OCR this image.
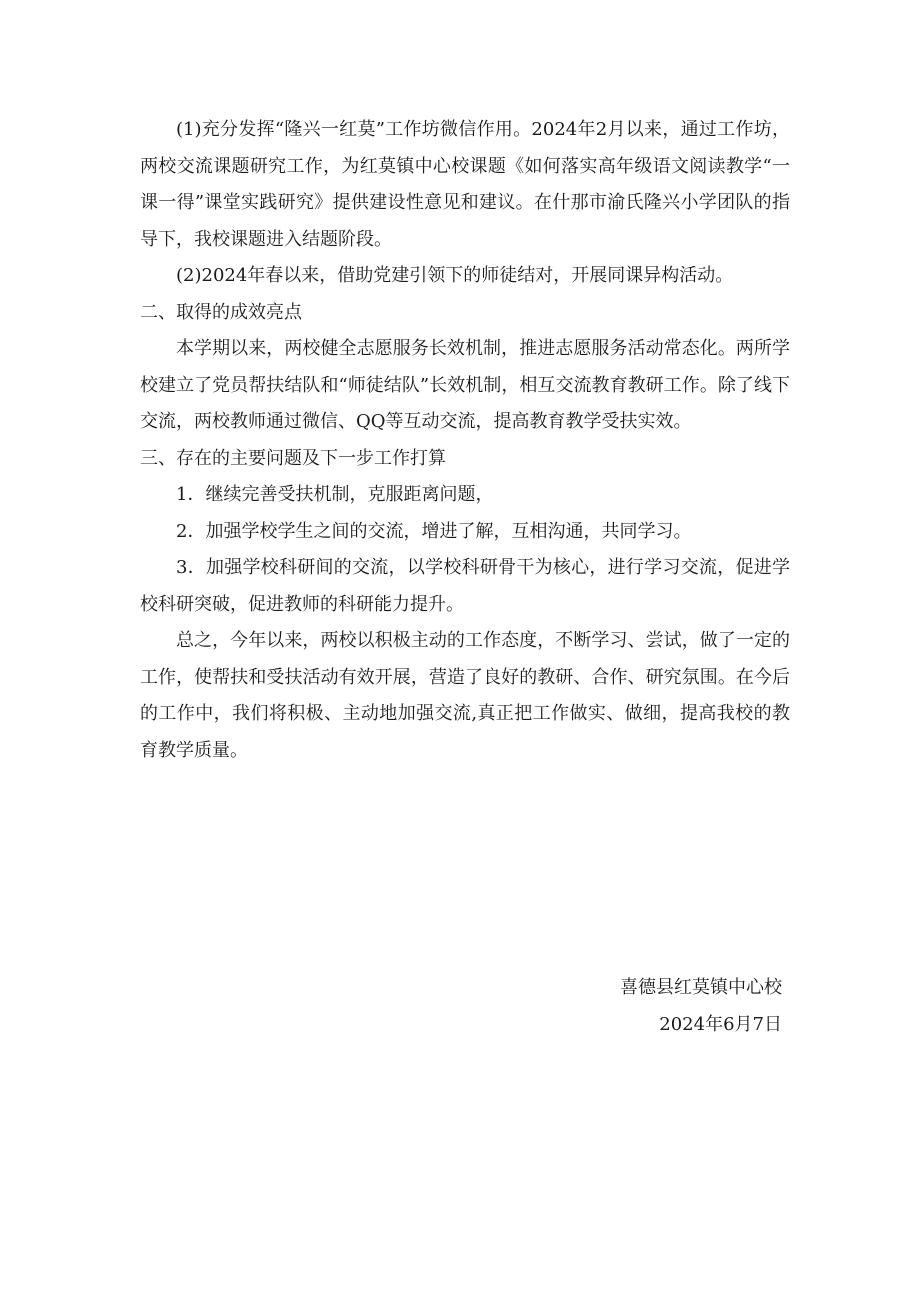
(1)充分发挥“隆兴一红莫”工作坊微信作用。2024年2月以来，通过工作坊，两校交流课题研究工作，为红莫镇中心校课题《如何落实高年级语文阅读教学“一课一得”课堂实践研究》提供建设性意见和建议。在什那市渝氏隆兴小学团队的指导下，我校课题进入结题阶段。

(2)2024年春以来，借助党建引领下的师徒结对，开展同课异构活动。

二、取得的成效亮点

本学期以来，两校健全志愿服务长效机制，推进志愿服务活动常态化。两所学校建立了党员帮扶结队和“师徒结队”长效机制，相互交流教育教研工作。除了线下交流，两校教师通过微信、QQ等互动交流，提高教育教学受扶实效。

三、存在的主要问题及下一步工作打算

1．继续完善受扶机制，克服距离问题，

2．加强学校学生之间的交流，增进了解，互相沟通，共同学习。

3．加强学校科研间的交流，以学校科研骨干为核心，进行学习交流，促进学校科研突破，促进教师的科研能力提升。

总之，今年以来，两校以积极主动的工作态度，不断学习、尝试，做了一定的工作，使帮扶和受扶活动有效开展，营造了良好的教研、合作、研究氛围。在今后的工作中，我们将积极、主动地加强交流,真正把工作做实、做细，提高我校的教育教学质量。

喜德县红莫镇中心校
2024年6月7日
